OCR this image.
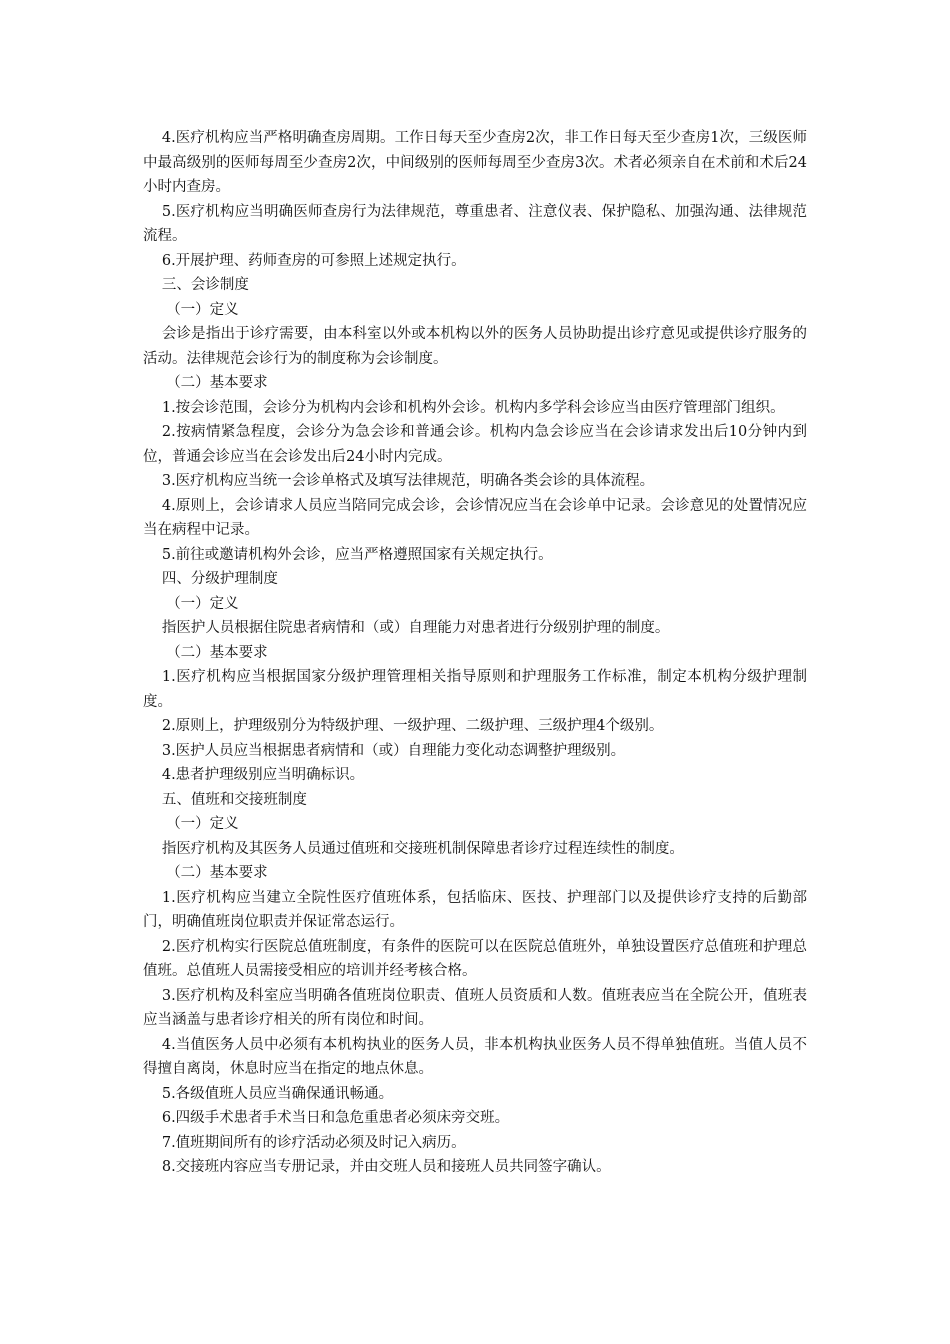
4.医疗机构应当严格明确查房周期。工作日每天至少查房2次，非工作日每天至少查房1次，三级医师中最高级别的医师每周至少查房2次，中间级别的医师每周至少查房3次。术者必须亲自在术前和术后24小时内查房。

5.医疗机构应当明确医师查房行为法律规范，尊重患者、注意仪表、保护隐私、加强沟通、法律规范流程。

6.开展护理、药师查房的可参照上述规定执行。

三、会诊制度

（一）定义

会诊是指出于诊疗需要，由本科室以外或本机构以外的医务人员协助提出诊疗意见或提供诊疗服务的活动。法律规范会诊行为的制度称为会诊制度。

（二）基本要求

1.按会诊范围，会诊分为机构内会诊和机构外会诊。机构内多学科会诊应当由医疗管理部门组织。

2.按病情紧急程度，会诊分为急会诊和普通会诊。机构内急会诊应当在会诊请求发出后10分钟内到位，普通会诊应当在会诊发出后24小时内完成。

3.医疗机构应当统一会诊单格式及填写法律规范，明确各类会诊的具体流程。

4.原则上，会诊请求人员应当陪同完成会诊，会诊情况应当在会诊单中记录。会诊意见的处置情况应当在病程中记录。

5.前往或邀请机构外会诊，应当严格遵照国家有关规定执行。

四、分级护理制度

（一）定义

指医护人员根据住院患者病情和（或）自理能力对患者进行分级别护理的制度。

（二）基本要求

1.医疗机构应当根据国家分级护理管理相关指导原则和护理服务工作标准，制定本机构分级护理制度。

2.原则上，护理级别分为特级护理、一级护理、二级护理、三级护理4个级别。

3.医护人员应当根据患者病情和（或）自理能力变化动态调整护理级别。

4.患者护理级别应当明确标识。

五、值班和交接班制度

（一）定义

指医疗机构及其医务人员通过值班和交接班机制保障患者诊疗过程连续性的制度。

（二）基本要求

1.医疗机构应当建立全院性医疗值班体系，包括临床、医技、护理部门以及提供诊疗支持的后勤部门，明确值班岗位职责并保证常态运行。

2.医疗机构实行医院总值班制度，有条件的医院可以在医院总值班外，单独设置医疗总值班和护理总值班。总值班人员需接受相应的培训并经考核合格。

3.医疗机构及科室应当明确各值班岗位职责、值班人员资质和人数。值班表应当在全院公开，值班表应当涵盖与患者诊疗相关的所有岗位和时间。

4.当值医务人员中必须有本机构执业的医务人员，非本机构执业医务人员不得单独值班。当值人员不得擅自离岗，休息时应当在指定的地点休息。

5.各级值班人员应当确保通讯畅通。

6.四级手术患者手术当日和急危重患者必须床旁交班。

7.值班期间所有的诊疗活动必须及时记入病历。

8.交接班内容应当专册记录，并由交班人员和接班人员共同签字确认。
